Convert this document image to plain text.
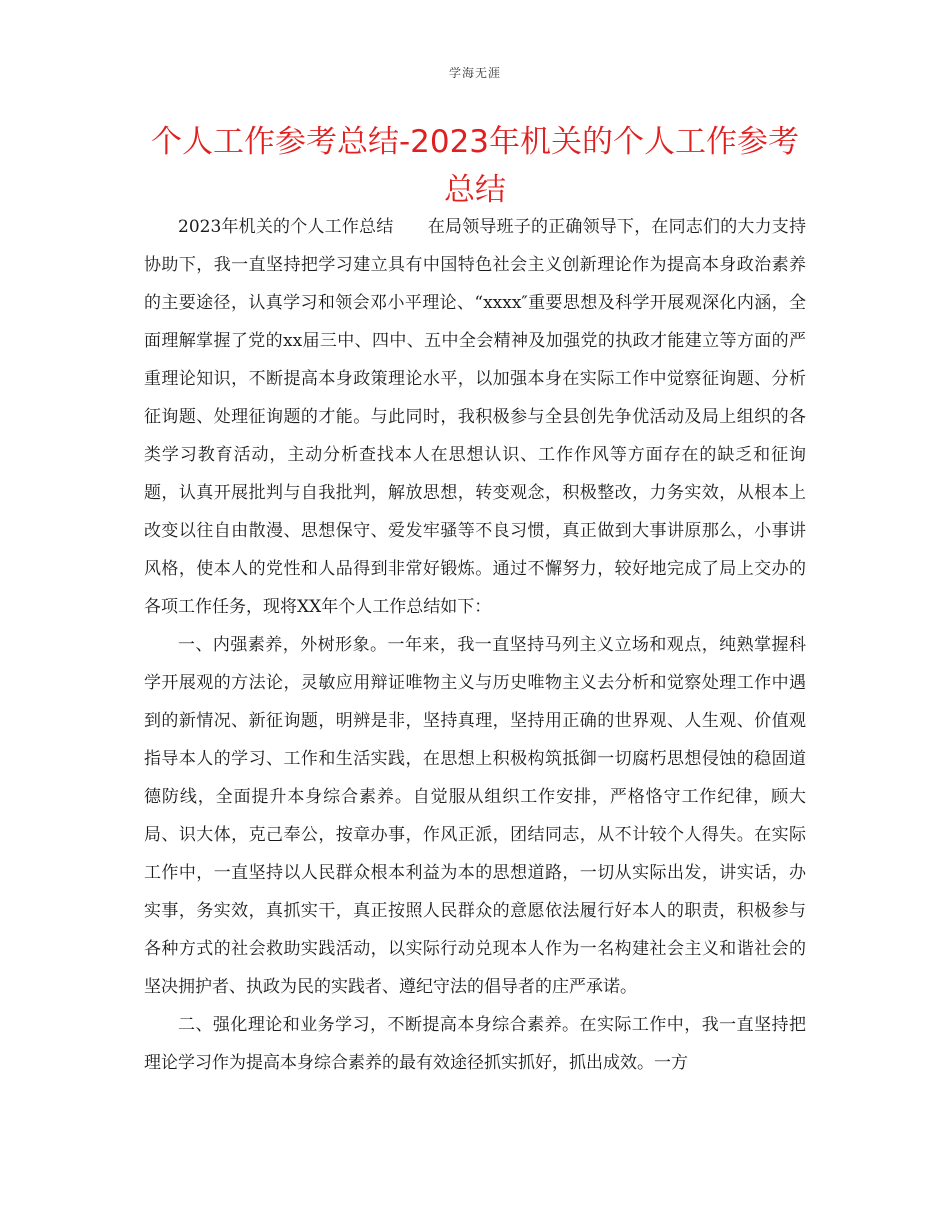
学海无涯
个人工作参考总结-2023年机关的个人工作参考总结

2023年机关的个人工作总结　　在局领导班子的正确领导下，在同志们的大力支持协助下，我一直坚持把学习建立具有中国特色社会主义创新理论作为提高本身政治素养的主要途径，认真学习和领会邓小平理论、“xxxx″重要思想及科学开展观深化内涵，全面理解掌握了党的xx届三中、四中、五中全会精神及加强党的执政才能建立等方面的严重理论知识，不断提高本身政策理论水平，以加强本身在实际工作中觉察征询题、分析征询题、处理征询题的才能。与此同时，我积极参与全县创先争优活动及局上组织的各类学习教育活动，主动分析查找本人在思想认识、工作作风等方面存在的缺乏和征询题，认真开展批判与自我批判，解放思想，转变观念，积极整改，力务实效，从根本上改变以往自由散漫、思想保守、爱发牢骚等不良习惯，真正做到大事讲原那么，小事讲风格，使本人的党性和人品得到非常好锻炼。通过不懈努力，较好地完成了局上交办的各项工作任务，现将XX年个人工作总结如下：

一、内强素养，外树形象。一年来，我一直坚持马列主义立场和观点，纯熟掌握科学开展观的方法论，灵敏应用辩证唯物主义与历史唯物主义去分析和觉察处理工作中遇到的新情况、新征询题，明辨是非，坚持真理，坚持用正确的世界观、人生观、价值观指导本人的学习、工作和生活实践，在思想上积极构筑抵御一切腐朽思想侵蚀的稳固道德防线，全面提升本身综合素养。自觉服从组织工作安排，严格恪守工作纪律，顾大局、识大体，克己奉公，按章办事，作风正派，团结同志，从不计较个人得失。在实际工作中，一直坚持以人民群众根本利益为本的思想道路，一切从实际出发，讲实话，办实事，务实效，真抓实干，真正按照人民群众的意愿依法履行好本人的职责，积极参与各种方式的社会救助实践活动，以实际行动兑现本人作为一名构建社会主义和谐社会的坚决拥护者、执政为民的实践者、遵纪守法的倡导者的庄严承诺。

二、强化理论和业务学习，不断提高本身综合素养。在实际工作中，我一直坚持把理论学习作为提高本身综合素养的最有效途径抓实抓好，抓出成效。一方
